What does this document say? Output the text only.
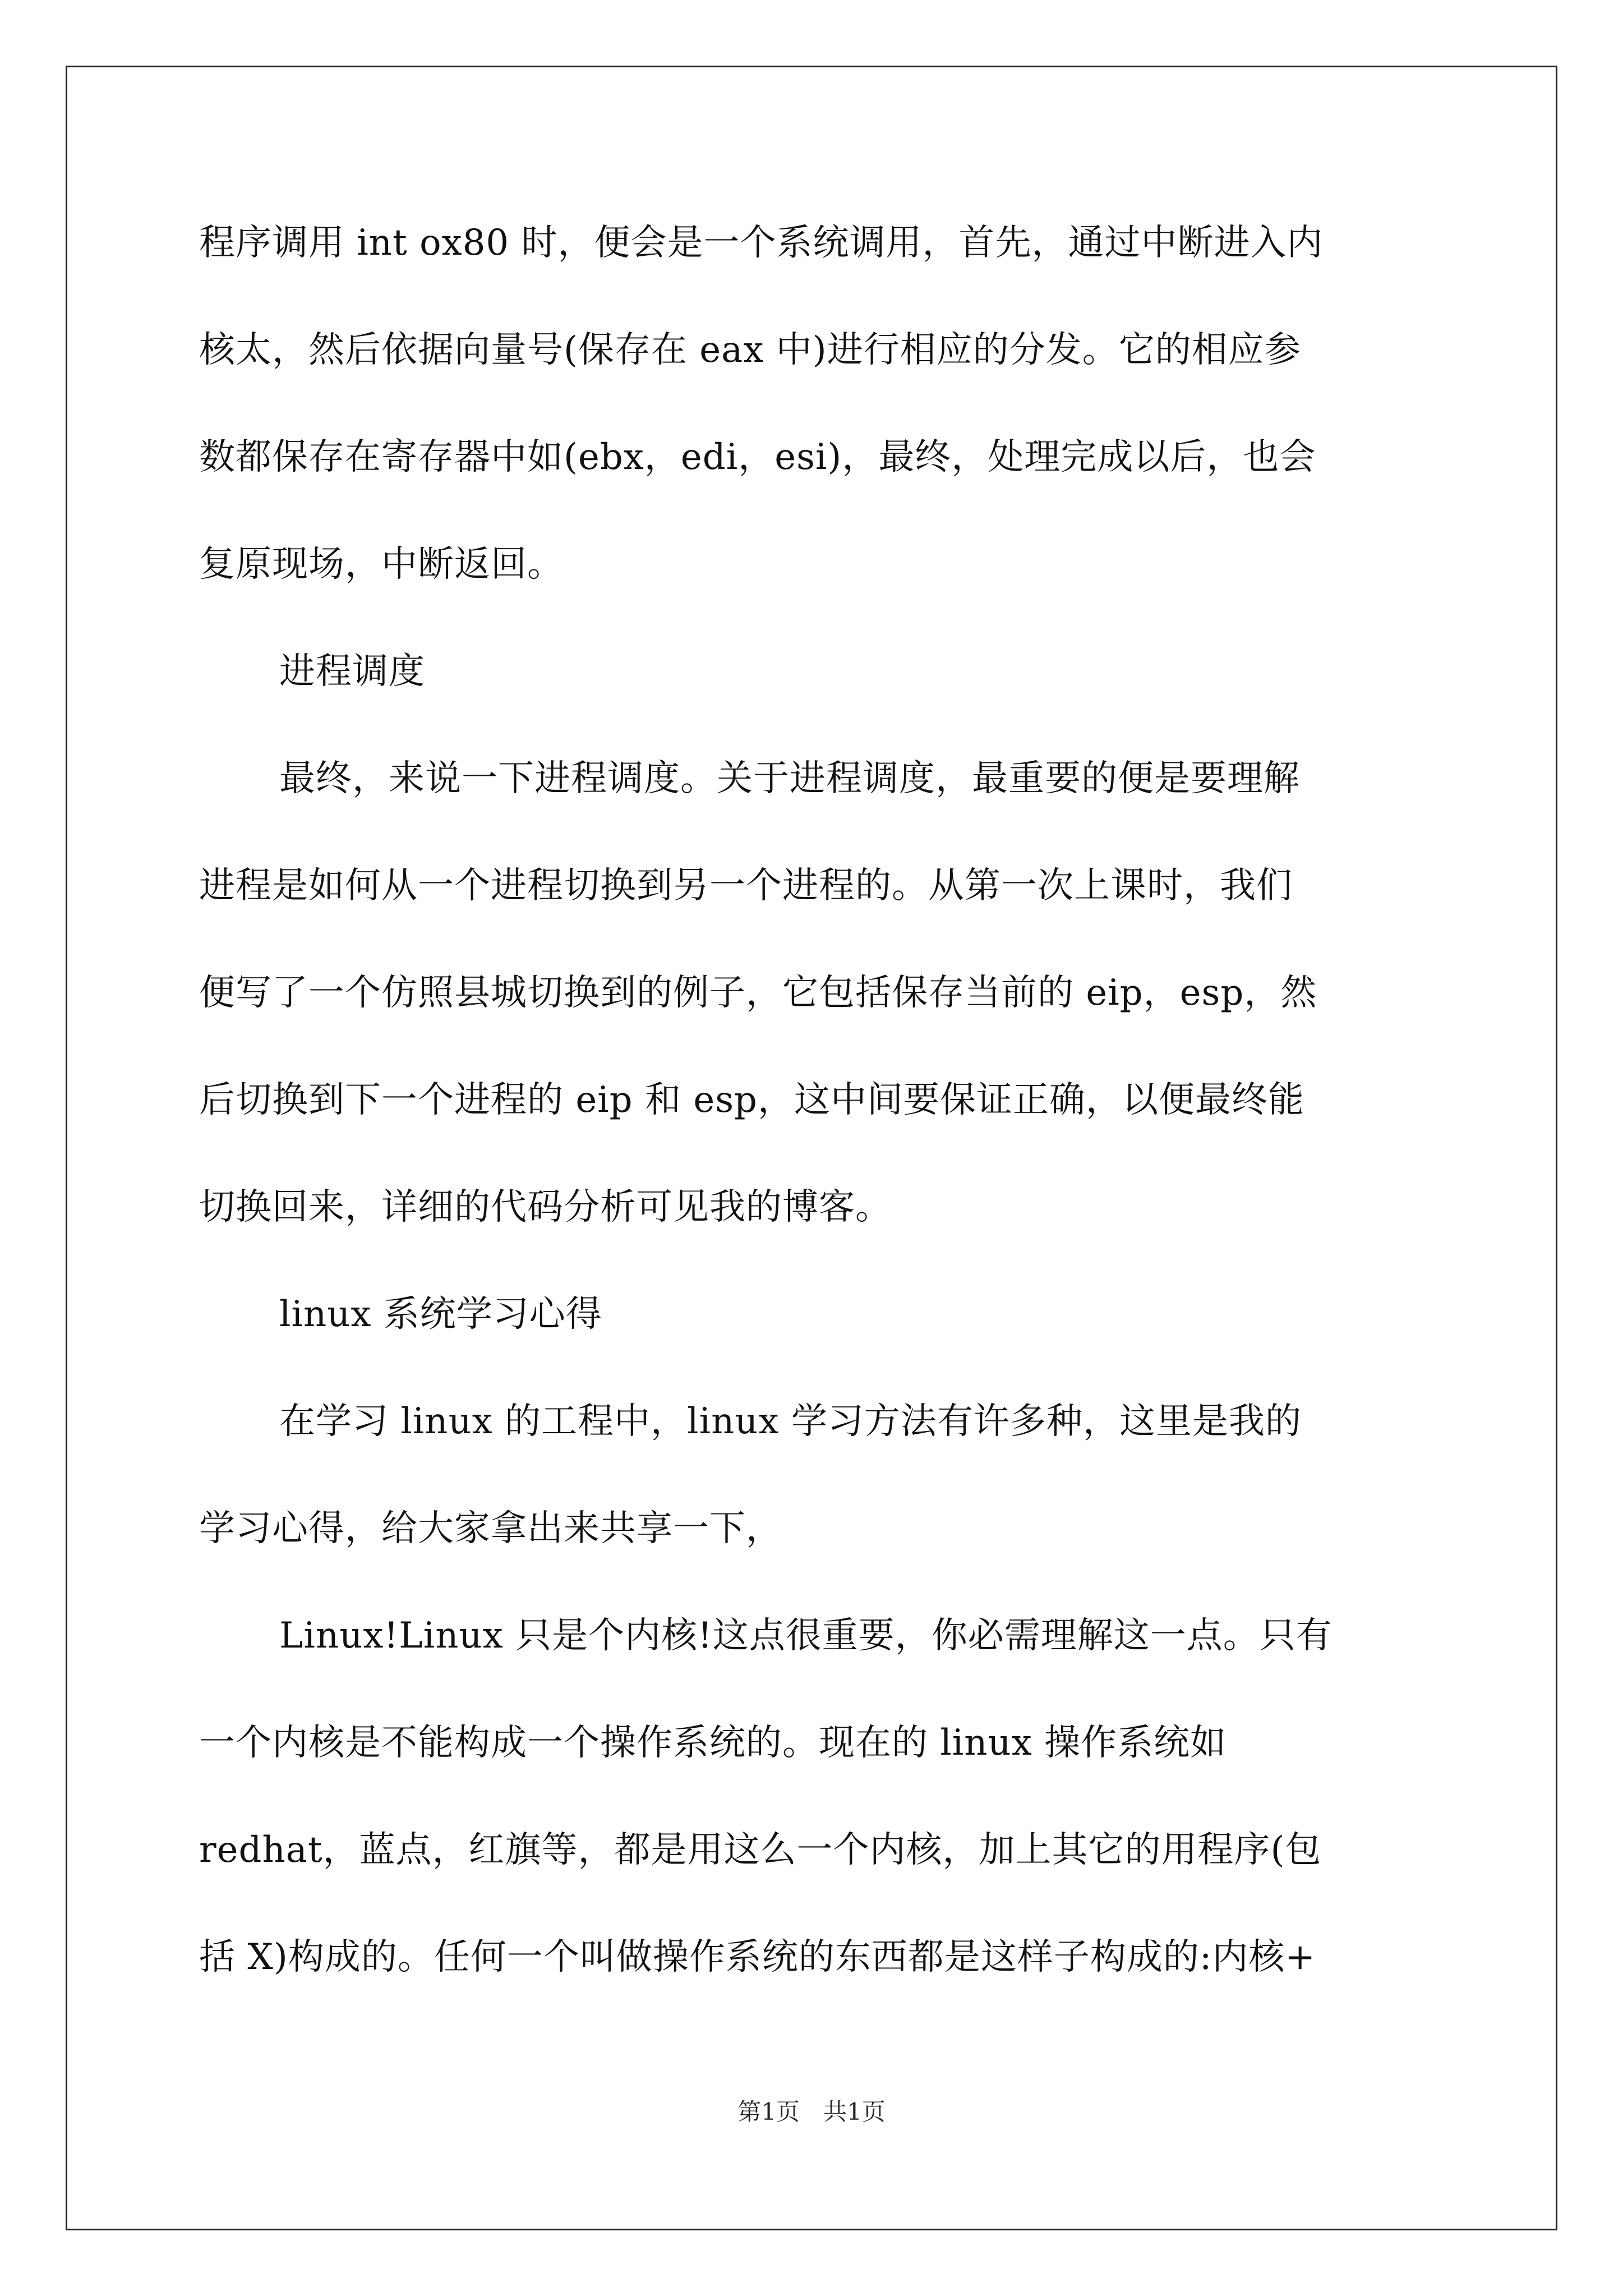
程序调用 int ox80 时，便会是一个系统调用，首先，通过中断进入内
核太，然后依据向量号(保存在 eax 中)进行相应的分发。它的相应参
数都保存在寄存器中如(ebx，edi，esi)，最终，处理完成以后，也会
复原现场，中断返回。
进程调度
最终，来说一下进程调度。关于进程调度，最重要的便是要理解
进程是如何从一个进程切换到另一个进程的。从第一次上课时，我们
便写了一个仿照县城切换到的例子，它包括保存当前的 eip，esp，然
后切换到下一个进程的 eip 和 esp，这中间要保证正确，以便最终能
切换回来，详细的代码分析可见我的博客。
linux 系统学习心得
在学习 linux 的工程中，linux 学习方法有许多种，这里是我的
学习心得，给大家拿出来共享一下，
Linux!Linux 只是个内核!这点很重要，你必需理解这一点。只有
一个内核是不能构成一个操作系统的。现在的 linux 操作系统如
redhat，蓝点，红旗等，都是用这么一个内核，加上其它的用程序(包
括 X)构成的。任何一个叫做操作系统的东西都是这样子构成的:内核+
第1页　共1页
